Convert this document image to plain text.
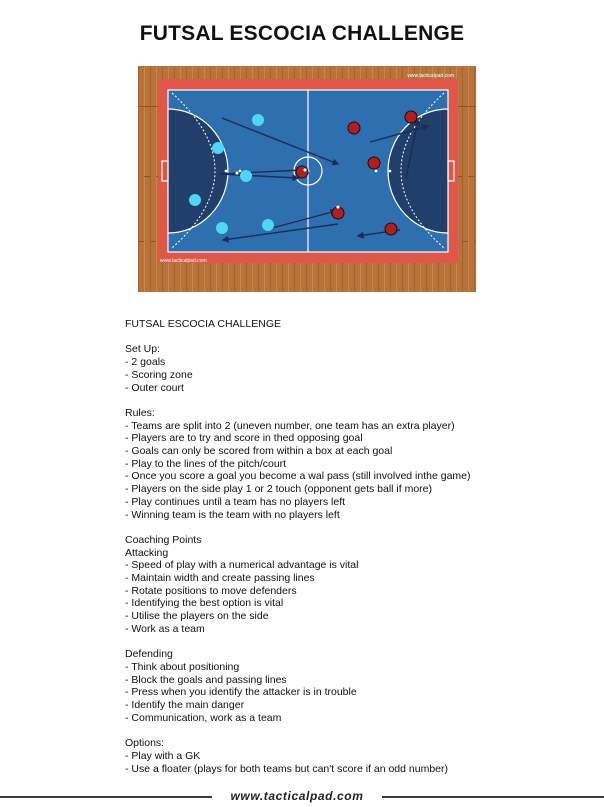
FUTSAL ESCOCIA CHALLENGE
www.tacticalpad.com
www.tacticalpad.com
FUTSAL ESCOCIA CHALLENGE
Set Up:
- 2 goals
- Scoring zone
- Outer court
Rules:
- Teams are split into 2 (uneven number, one team has an extra player)
- Players are to try and score in thed opposing goal
- Goals can only be scored from within a box at each goal
- Play to the lines of the pitch/court
- Once you score a goal you become a wal pass (still involved inthe game)
- Players on the side play 1 or 2 touch (opponent gets ball if more)
- Play continues until a team has no players left
- Winning team is the team with no players left
Coaching Points
Attacking
- Speed of play with a numerical advantage is vital
- Maintain width and create passing lines
- Rotate positions to move defenders
- Identifying the best option is vital
- Utilise the players on the side
- Work as a team
Defending
- Think about positioning
- Block the goals and passing lines
- Press when you identify the attacker is in trouble
- Identify the main danger
- Communication, work as a team
Options:
- Play with a GK
- Use a floater (plays for both teams but can't score if an odd number)
www.tacticalpad.com
